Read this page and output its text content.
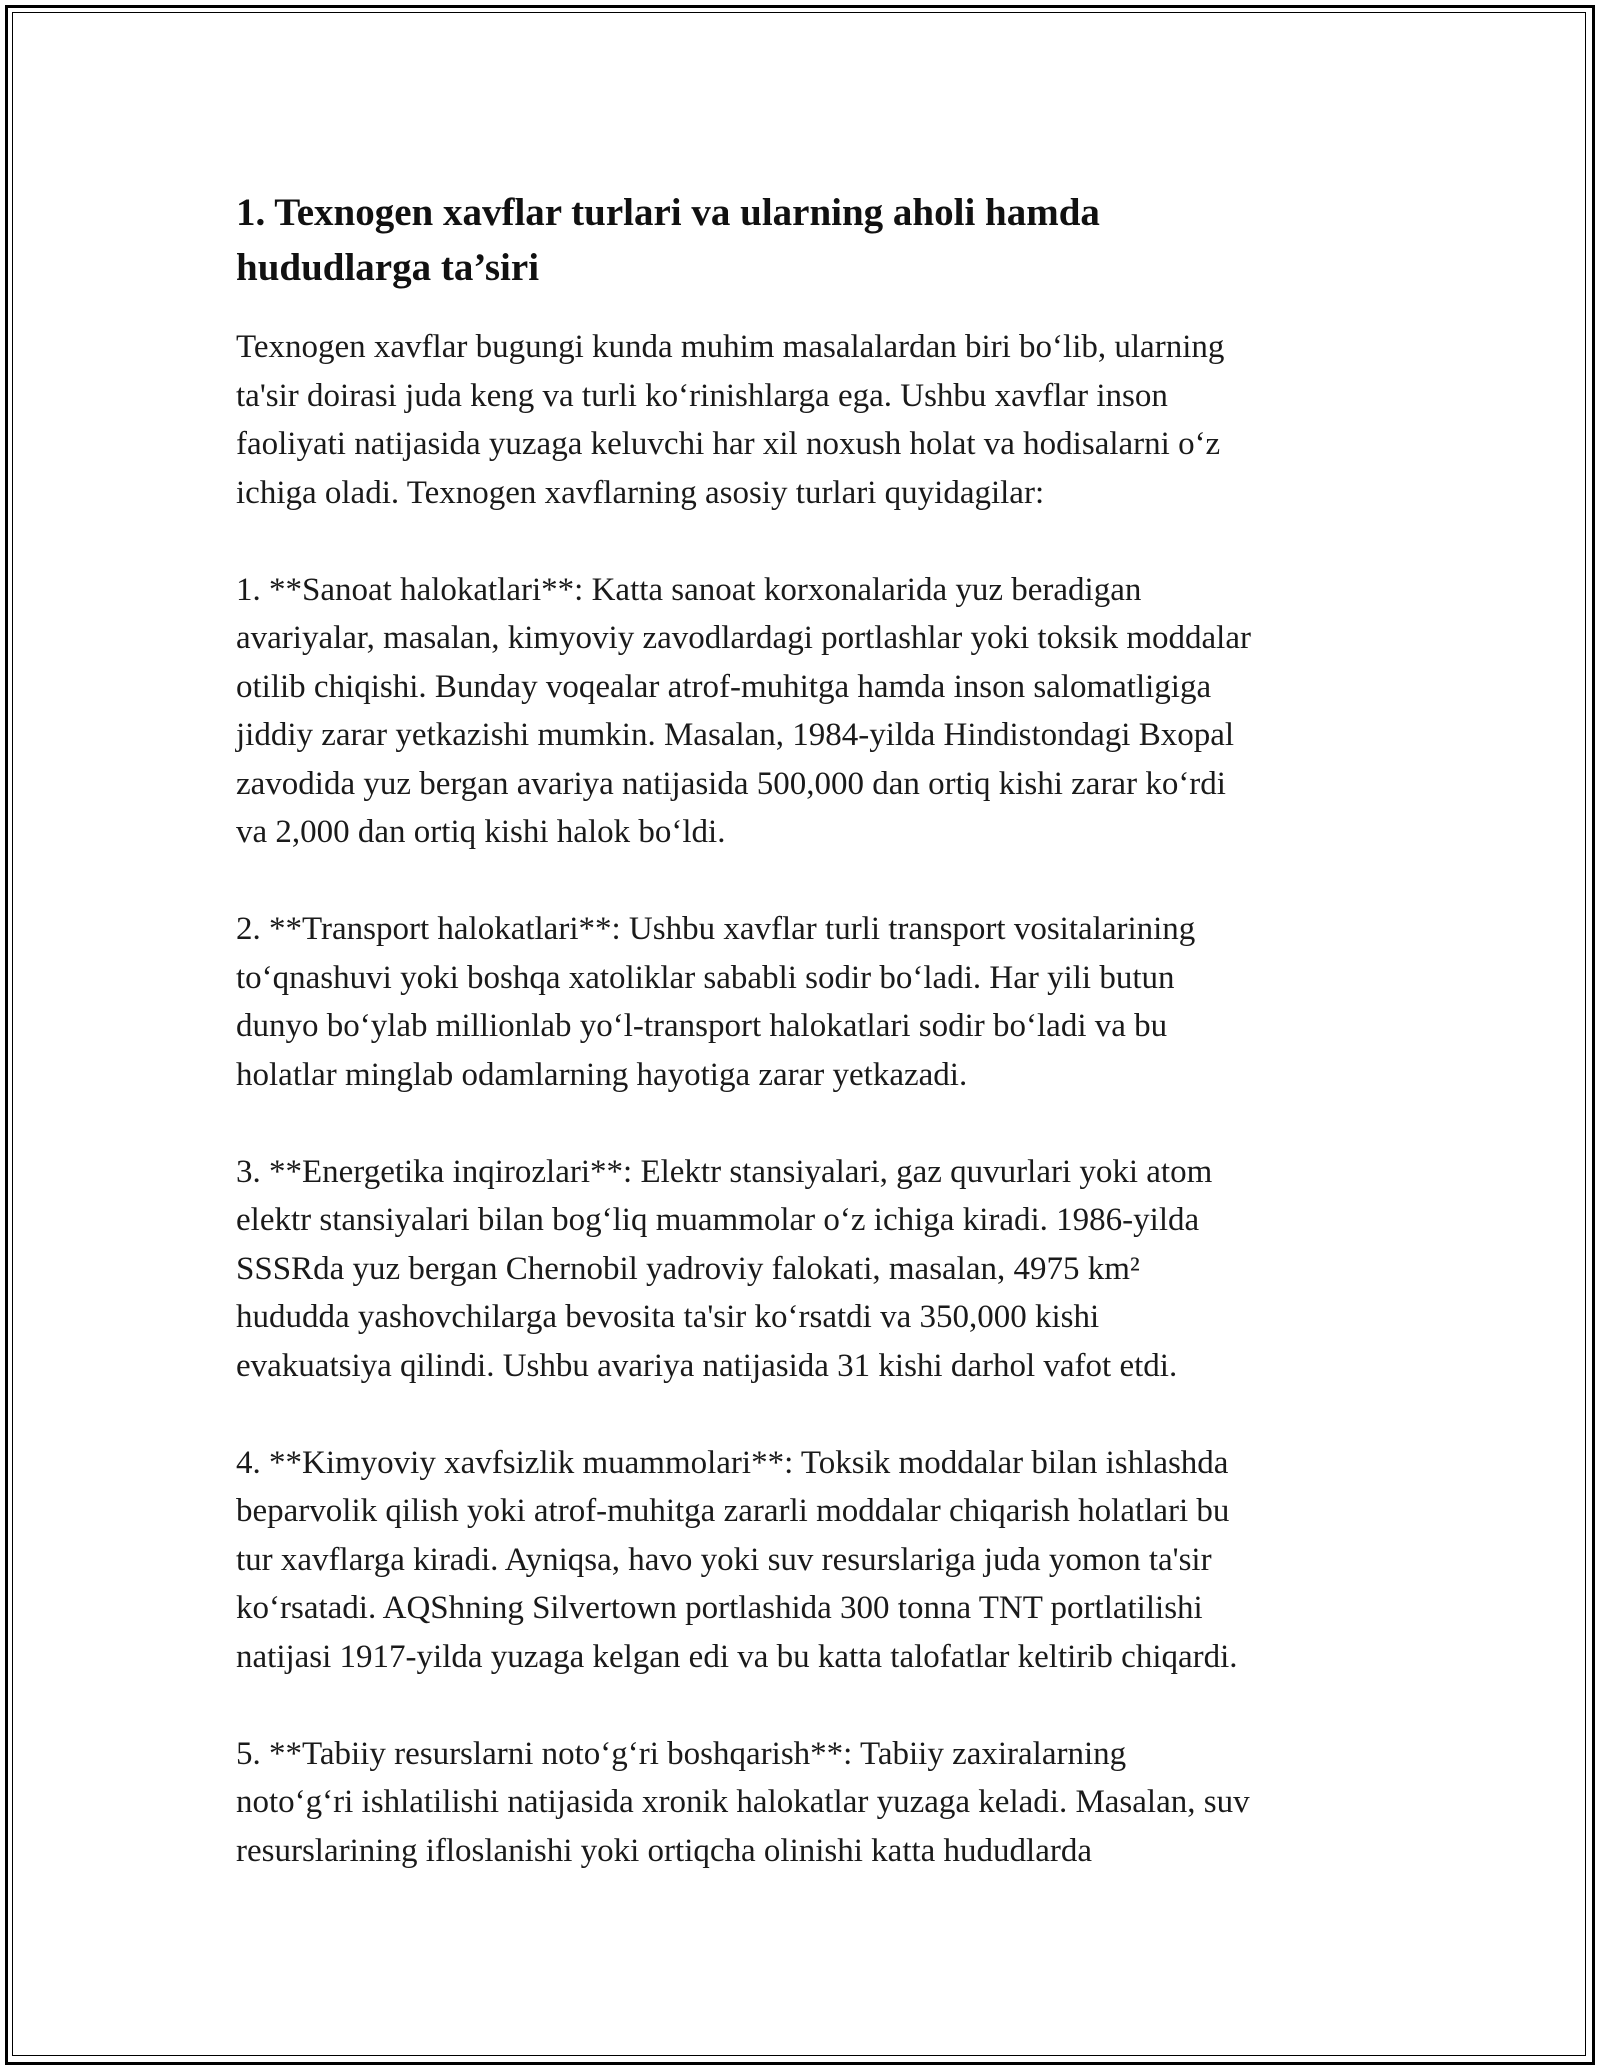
1. Texnogen xavflar turlari va ularning aholi hamda
hududlarga ta’siri

Texnogen xavflar bugungi kunda muhim masalalardan biri bo‘lib, ularning
ta'sir doirasi juda keng va turli ko‘rinishlarga ega. Ushbu xavflar inson
faoliyati natijasida yuzaga keluvchi har xil noxush holat va hodisalarni o‘z
ichiga oladi. Texnogen xavflarning asosiy turlari quyidagilar:

1. **Sanoat halokatlari**: Katta sanoat korxonalarida yuz beradigan
avariyalar, masalan, kimyoviy zavodlardagi portlashlar yoki toksik moddalar
otilib chiqishi. Bunday voqealar atrof-muhitga hamda inson salomatligiga
jiddiy zarar yetkazishi mumkin. Masalan, 1984-yilda Hindistondagi Bxopal
zavodida yuz bergan avariya natijasida 500,000 dan ortiq kishi zarar ko‘rdi
va 2,000 dan ortiq kishi halok bo‘ldi.

2. **Transport halokatlari**: Ushbu xavflar turli transport vositalarining
to‘qnashuvi yoki boshqa xatoliklar sababli sodir bo‘ladi. Har yili butun
dunyo bo‘ylab millionlab yo‘l-transport halokatlari sodir bo‘ladi va bu
holatlar minglab odamlarning hayotiga zarar yetkazadi.

3. **Energetika inqirozlari**: Elektr stansiyalari, gaz quvurlari yoki atom
elektr stansiyalari bilan bog‘liq muammolar o‘z ichiga kiradi. 1986-yilda
SSSRda yuz bergan Chernobil yadroviy falokati, masalan, 4975 km²
hududda yashovchilarga bevosita ta'sir ko‘rsatdi va 350,000 kishi
evakuatsiya qilindi. Ushbu avariya natijasida 31 kishi darhol vafot etdi.

4. **Kimyoviy xavfsizlik muammolari**: Toksik moddalar bilan ishlashda
beparvolik qilish yoki atrof-muhitga zararli moddalar chiqarish holatlari bu
tur xavflarga kiradi. Ayniqsa, havo yoki suv resurslariga juda yomon ta'sir
ko‘rsatadi. AQShning Silvertown portlashida 300 tonna TNT portlatilishi
natijasi 1917-yilda yuzaga kelgan edi va bu katta talofatlar keltirib chiqardi.

5. **Tabiiy resurslarni noto‘g‘ri boshqarish**: Tabiiy zaxiralarning
noto‘g‘ri ishlatilishi natijasida xronik halokatlar yuzaga keladi. Masalan, suv
resurslarining ifloslanishi yoki ortiqcha olinishi katta hududlarda
